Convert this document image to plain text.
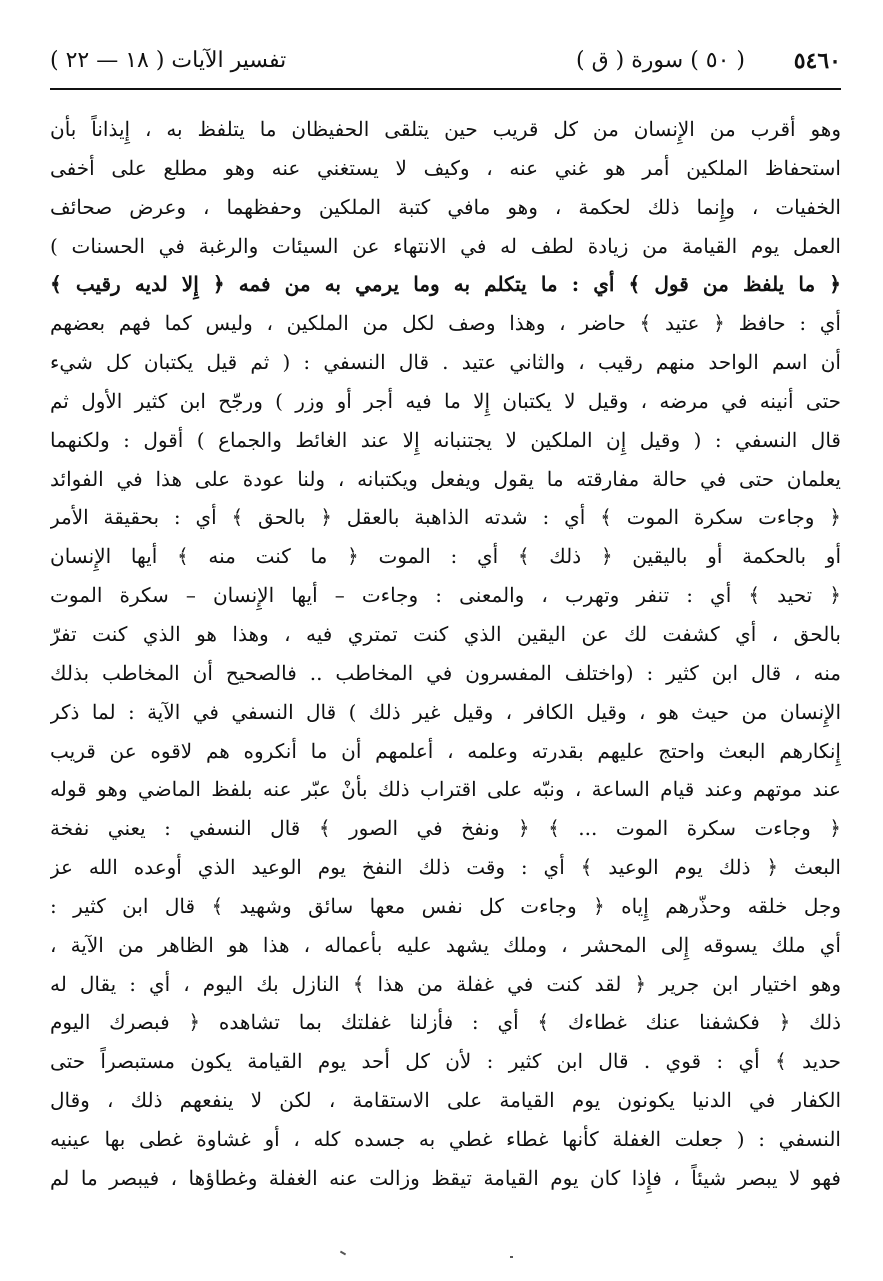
٥٤٦٠
( ٥٠ ) سورة ( ق )
تفسير الآيات ( ١٨ — ٢٢ )
وهو أقرب من الإِنسان من كل قريب حين يتلقى الحفيظان ما يتلفظ به ، إِيذاناً بأن
استحفاظ الملكين أمر هو غني عنه ، وكيف لا يستغني عنه وهو مطلع على أخفى
الخفيات ، وإِنما ذلك لحكمة ، وهو مافي كتبة الملكين وحفظهما ، وعرض صحائف
العمل يوم القيامة من زيادة لطف له في الانتهاء عن السيئات والرغبة في الحسنات )
﴿ ما يلفظ من قول ﴾ أي : ما يتكلم به وما يرمي به من فمه ﴿ إِلا لديه رقيب ﴾
أي : حافظ ﴿ عتيد ﴾ حاضر ، وهذا وصف لكل من الملكين ، وليس كما فهم بعضهم
أن اسم الواحد منهم رقيب ، والثاني عتيد . قال النسفي : ( ثم قيل يكتبان كل شيء
حتى أنينه في مرضه ، وقيل لا يكتبان إِلا ما فيه أجر أو وزر ) ورجّح ابن كثير الأول ثم
قال النسفي : ( وقيل إِن الملكين لا يجتنبانه إِلا عند الغائط والجماع ) أقول : ولكنهما
يعلمان حتى في حالة مفارقته ما يقول ويفعل ويكتبانه ، ولنا عودة على هذا في الفوائد
﴿ وجاءت سكرة الموت ﴾ أي : شدته الذاهبة بالعقل ﴿ بالحق ﴾ أي : بحقيقة الأمر
أو بالحكمة أو باليقين ﴿ ذلك ﴾ أي : الموت ﴿ ما كنت منه ﴾ أيها الإِنسان
﴿ تحيد ﴾ أي : تنفر وتهرب ، والمعنى : وجاءت – أيها الإِنسان – سكرة الموت
بالحق ، أي كشفت لك عن اليقين الذي كنت تمتري فيه ، وهذا هو الذي كنت تفرّ
منه ، قال ابن كثير : (واختلف المفسرون في المخاطب .. فالصحيح أن المخاطب بذلك
الإِنسان من حيث هو ، وقيل الكافر ، وقيل غير ذلك ) قال النسفي في الآية : لما ذكر
إِنكارهم البعث واحتج عليهم بقدرته وعلمه ، أعلمهم أن ما أنكروه هم لاقوه عن قريب
عند موتهم وعند قيام الساعة ، ونبّه على اقتراب ذلك بأنْ عبّر عنه بلفظ الماضي وهو قوله
﴿ وجاءت سكرة الموت ... ﴾ ﴿ ونفخ في الصور ﴾ قال النسفي : يعني نفخة
البعث ﴿ ذلك يوم الوعيد ﴾ أي : وقت ذلك النفخ يوم الوعيد الذي أوعده الله عز
وجل خلقه وحذّرهم إِياه ﴿ وجاءت كل نفس معها سائق وشهيد ﴾ قال ابن كثير :
أي ملك يسوقه إِلى المحشر ، وملك يشهد عليه بأعماله ، هذا هو الظاهر من الآية ،
وهو اختيار ابن جرير ﴿ لقد كنت في غفلة من هذا ﴾ النازل بك اليوم ، أي : يقال له
ذلك ﴿ فكشفنا عنك غطاءك ﴾ أي : فأزلنا غفلتك بما تشاهده ﴿ فبصرك اليوم
حديد ﴾ أي : قوي . قال ابن كثير : لأن كل أحد يوم القيامة يكون مستبصراً حتى
الكفار في الدنيا يكونون يوم القيامة على الاستقامة ، لكن لا ينفعهم ذلك ، وقال
النسفي : ( جعلت الغفلة كأنها غطاء غطي به جسده كله ، أو غشاوة غطى بها عينيه
فهو لا يبصر شيئاً ، فإِذا كان يوم القيامة تيقظ وزالت عنه الغفلة وغطاؤها ، فيبصر ما لم
